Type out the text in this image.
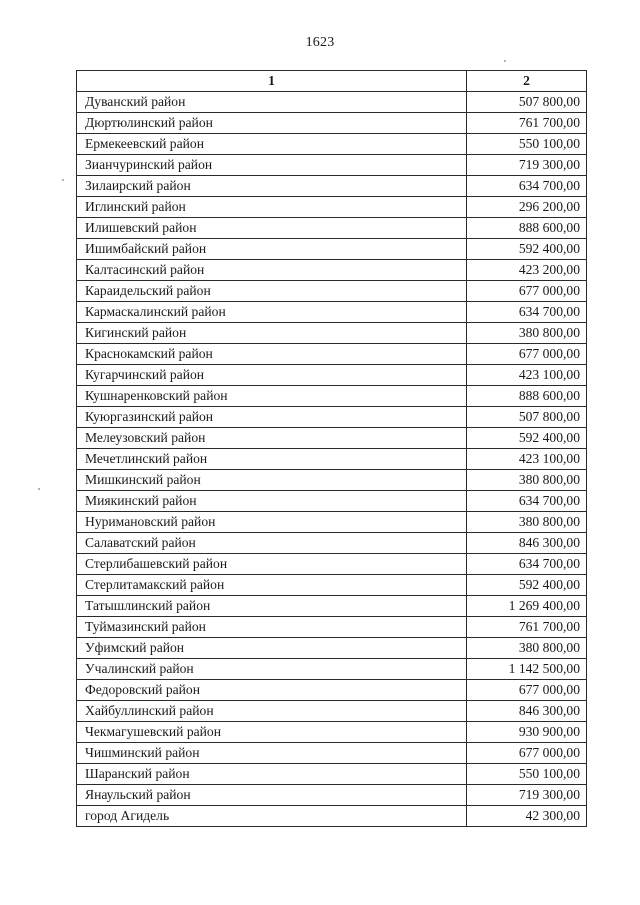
1623
1	2
Дуванский район	507 800,00
Дюртюлинский район	761 700,00
Ермекеевский район	550 100,00
Зианчуринский район	719 300,00
Зилаирский район	634 700,00
Иглинский район	296 200,00
Илишевский район	888 600,00
Ишимбайский район	592 400,00
Калтасинский район	423 200,00
Караидельский район	677 000,00
Кармаскалинский район	634 700,00
Кигинский район	380 800,00
Краснокамский район	677 000,00
Кугарчинский район	423 100,00
Кушнаренковский район	888 600,00
Куюргазинский район	507 800,00
Мелеузовский район	592 400,00
Мечетлинский район	423 100,00
Мишкинский район	380 800,00
Миякинский район	634 700,00
Нуримановский район	380 800,00
Салаватский район	846 300,00
Стерлибашевский район	634 700,00
Стерлитамакский район	592 400,00
Татышлинский район	1 269 400,00
Туймазинский район	761 700,00
Уфимский район	380 800,00
Учалинский район	1 142 500,00
Федоровский район	677 000,00
Хайбуллинский район	846 300,00
Чекмагушевский район	930 900,00
Чишминский район	677 000,00
Шаранский район	550 100,00
Янаульский район	719 300,00
город Агидель	42 300,00
